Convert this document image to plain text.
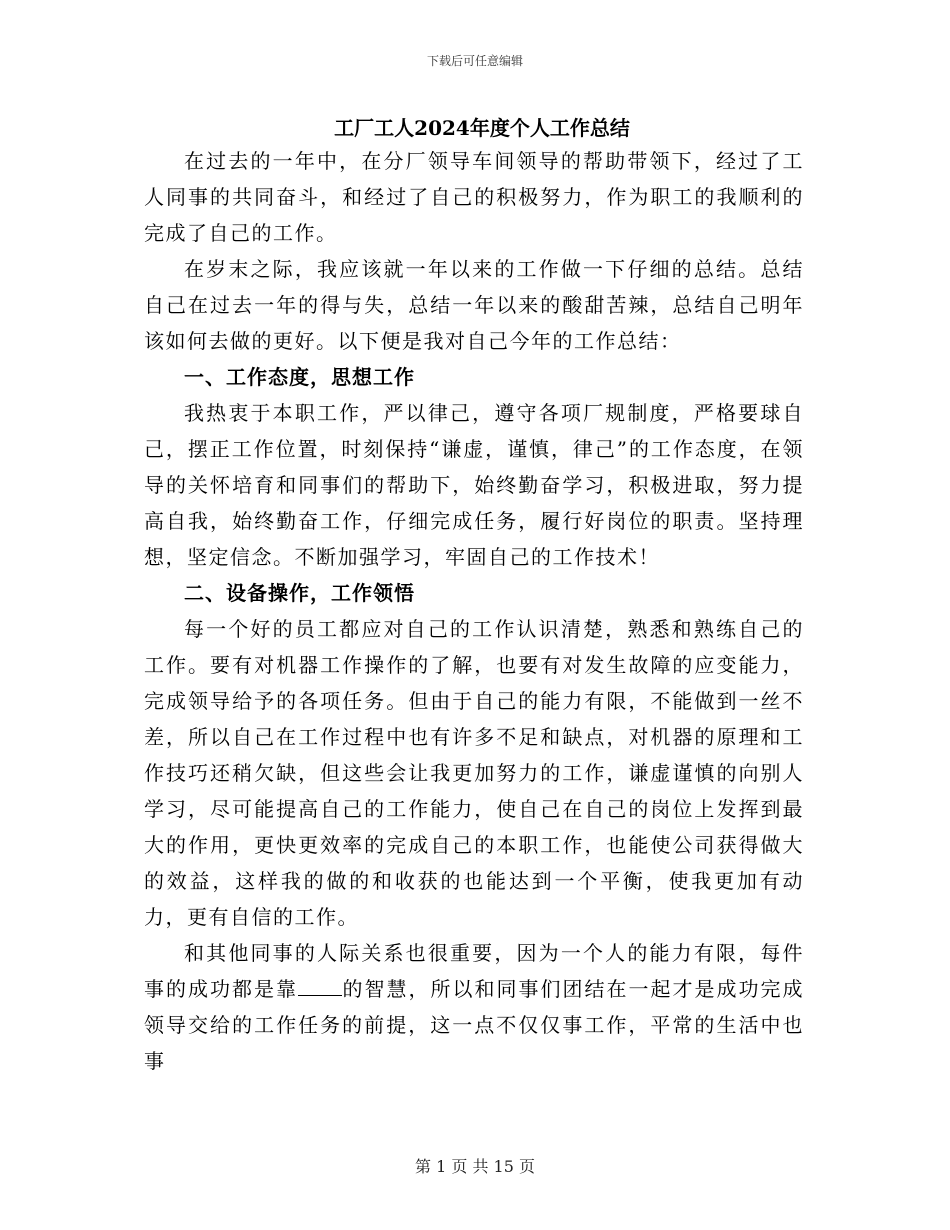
下载后可任意编辑
工厂工人2024年度个人工作总结

在过去的一年中，在分厂领导车间领导的帮助带领下，经过了工人同事的共同奋斗，和经过了自己的积极努力，作为职工的我顺利的完成了自己的工作。

在岁末之际，我应该就一年以来的工作做一下仔细的总结。总结自己在过去一年的得与失，总结一年以来的酸甜苦辣，总结自己明年该如何去做的更好。以下便是我对自己今年的工作总结：

一、工作态度，思想工作

我热衷于本职工作，严以律己，遵守各项厂规制度，严格要球自己，摆正工作位置，时刻保持“谦虚，谨慎，律己”的工作态度，在领导的关怀培育和同事们的帮助下，始终勤奋学习，积极进取，努力提高自我，始终勤奋工作，仔细完成任务，履行好岗位的职责。坚持理想，坚定信念。不断加强学习，牢固自己的工作技术！

二、设备操作，工作领悟

每一个好的员工都应对自己的工作认识清楚，熟悉和熟练自己的工作。要有对机器工作操作的了解，也要有对发生故障的应变能力，完成领导给予的各项任务。但由于自己的能力有限，不能做到一丝不差，所以自己在工作过程中也有许多不足和缺点，对机器的原理和工作技巧还稍欠缺，但这些会让我更加努力的工作，谦虚谨慎的向别人学习，尽可能提高自己的工作能力，使自己在自己的岗位上发挥到最大的作用，更快更效率的完成自己的本职工作，也能使公司获得做大的效益，这样我的做的和收获的也能达到一个平衡，使我更加有动力，更有自信的工作。

和其他同事的人际关系也很重要，因为一个人的能力有限，每件事的成功都是靠 的智慧，所以和同事们团结在一起才是成功完成领导交给的工作任务的前提，这一点不仅仅事工作，平常的生活中也事

第 1 页 共 15 页
